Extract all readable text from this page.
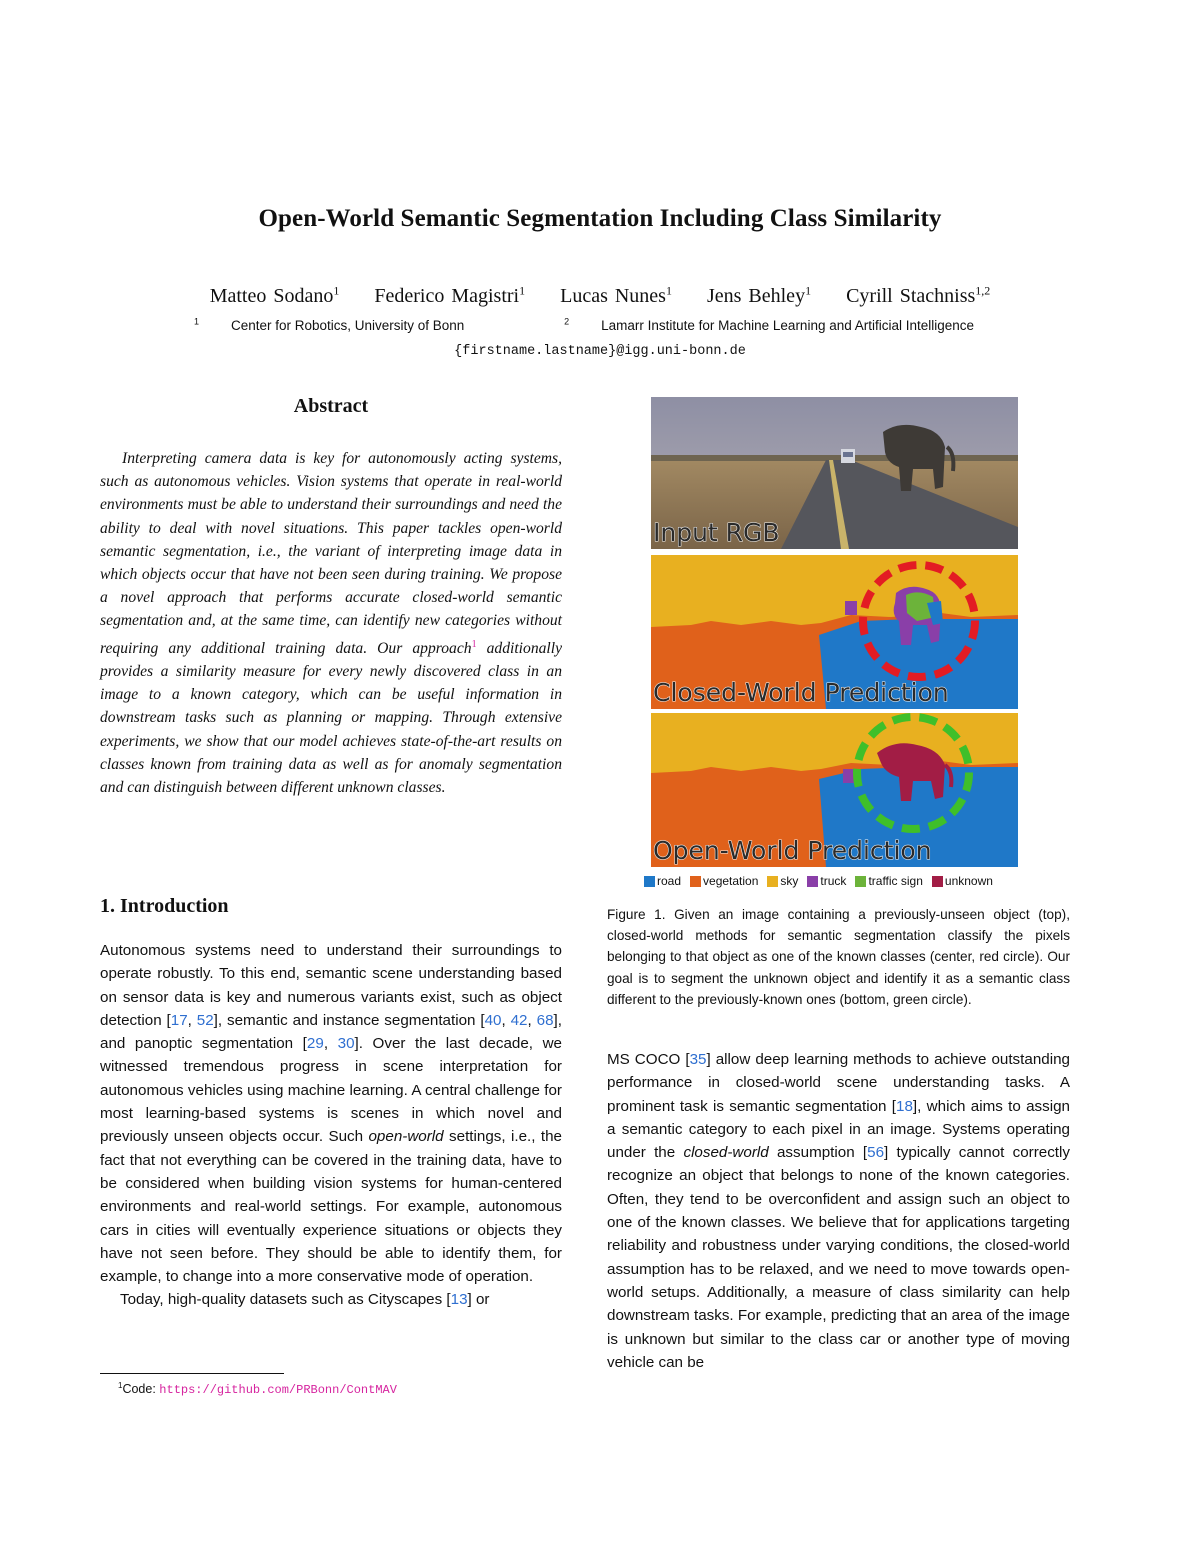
Open-World Semantic Segmentation Including Class Similarity
Matteo Sodano$^1$ Federico Magistri$^1$ Lucas Nunes$^1$ Jens Behley$^1$ Cyrill Stachniss$^{1,2}$
$^1$ Center for Robotics, University of Bonn	$^2$ Lamarr Institute for Machine Learning and Artificial Intelligence
{firstname.lastname}@igg.uni-bonn.de
Abstract

Interpreting camera data is key for autonomously acting systems, such as autonomous vehicles. Vision systems that operate in real-world environments must be able to understand their surroundings and need the ability to deal with novel situations. This paper tackles open-world semantic segmentation, i.e., the variant of interpreting image data in which objects occur that have not been seen during training. We propose a novel approach that performs accurate closed-world semantic segmentation and, at the same time, can identify new categories without requiring any additional training data. Our approach$^1$ additionally provides a similarity measure for every newly discovered class in an image to a known category, which can be useful information in downstream tasks such as planning or mapping. Through extensive experiments, we show that our model achieves state-of-the-art results on classes known from training data as well as for anomaly segmentation and can distinguish between different unknown classes.

1. Introduction

Autonomous systems need to understand their surroundings to operate robustly. To this end, semantic scene understanding based on sensor data is key and numerous variants exist, such as object detection [17, 52], semantic and instance segmentation [40, 42, 68], and panoptic segmentation [29, 30]. Over the last decade, we witnessed tremendous progress in scene interpretation for autonomous vehicles using machine learning. A central challenge for most learning-based systems is scenes in which novel and previously unseen objects occur. Such open-world settings, i.e., the fact that not everything can be covered in the training data, have to be considered when building vision systems for human-centered environments and real-world settings. For example, autonomous cars in cities will eventually experience situations or objects they have not seen before. They should be able to identify them, for example, to change into a more conservative mode of operation.

Today, high-quality datasets such as Cityscapes [13] or

$^1$Code: https://github.com/PRBonn/ContMAV
Input RGB
Closed-World Prediction
Open-World Prediction
road vegetation sky truck traffic sign unknown

Figure 1. Given an image containing a previously-unseen object (top), closed-world methods for semantic segmentation classify the pixels belonging to that object as one of the known classes (center, red circle). Our goal is to segment the unknown object and identify it as a semantic class different to the previously-known ones (bottom, green circle).

MS COCO [35] allow deep learning methods to achieve outstanding performance in closed-world scene understanding tasks. A prominent task is semantic segmentation [18], which aims to assign a semantic category to each pixel in an image. Systems operating under the closed-world assumption [56] typically cannot correctly recognize an object that belongs to none of the known categories. Often, they tend to be overconfident and assign such an object to one of the known classes. We believe that for applications targeting reliability and robustness under varying conditions, the closed-world assumption has to be relaxed, and we need to move towards open-world setups. Additionally, a measure of class similarity can help downstream tasks. For example, predicting that an area of the image is unknown but similar to the class car or another type of moving vehicle can be
